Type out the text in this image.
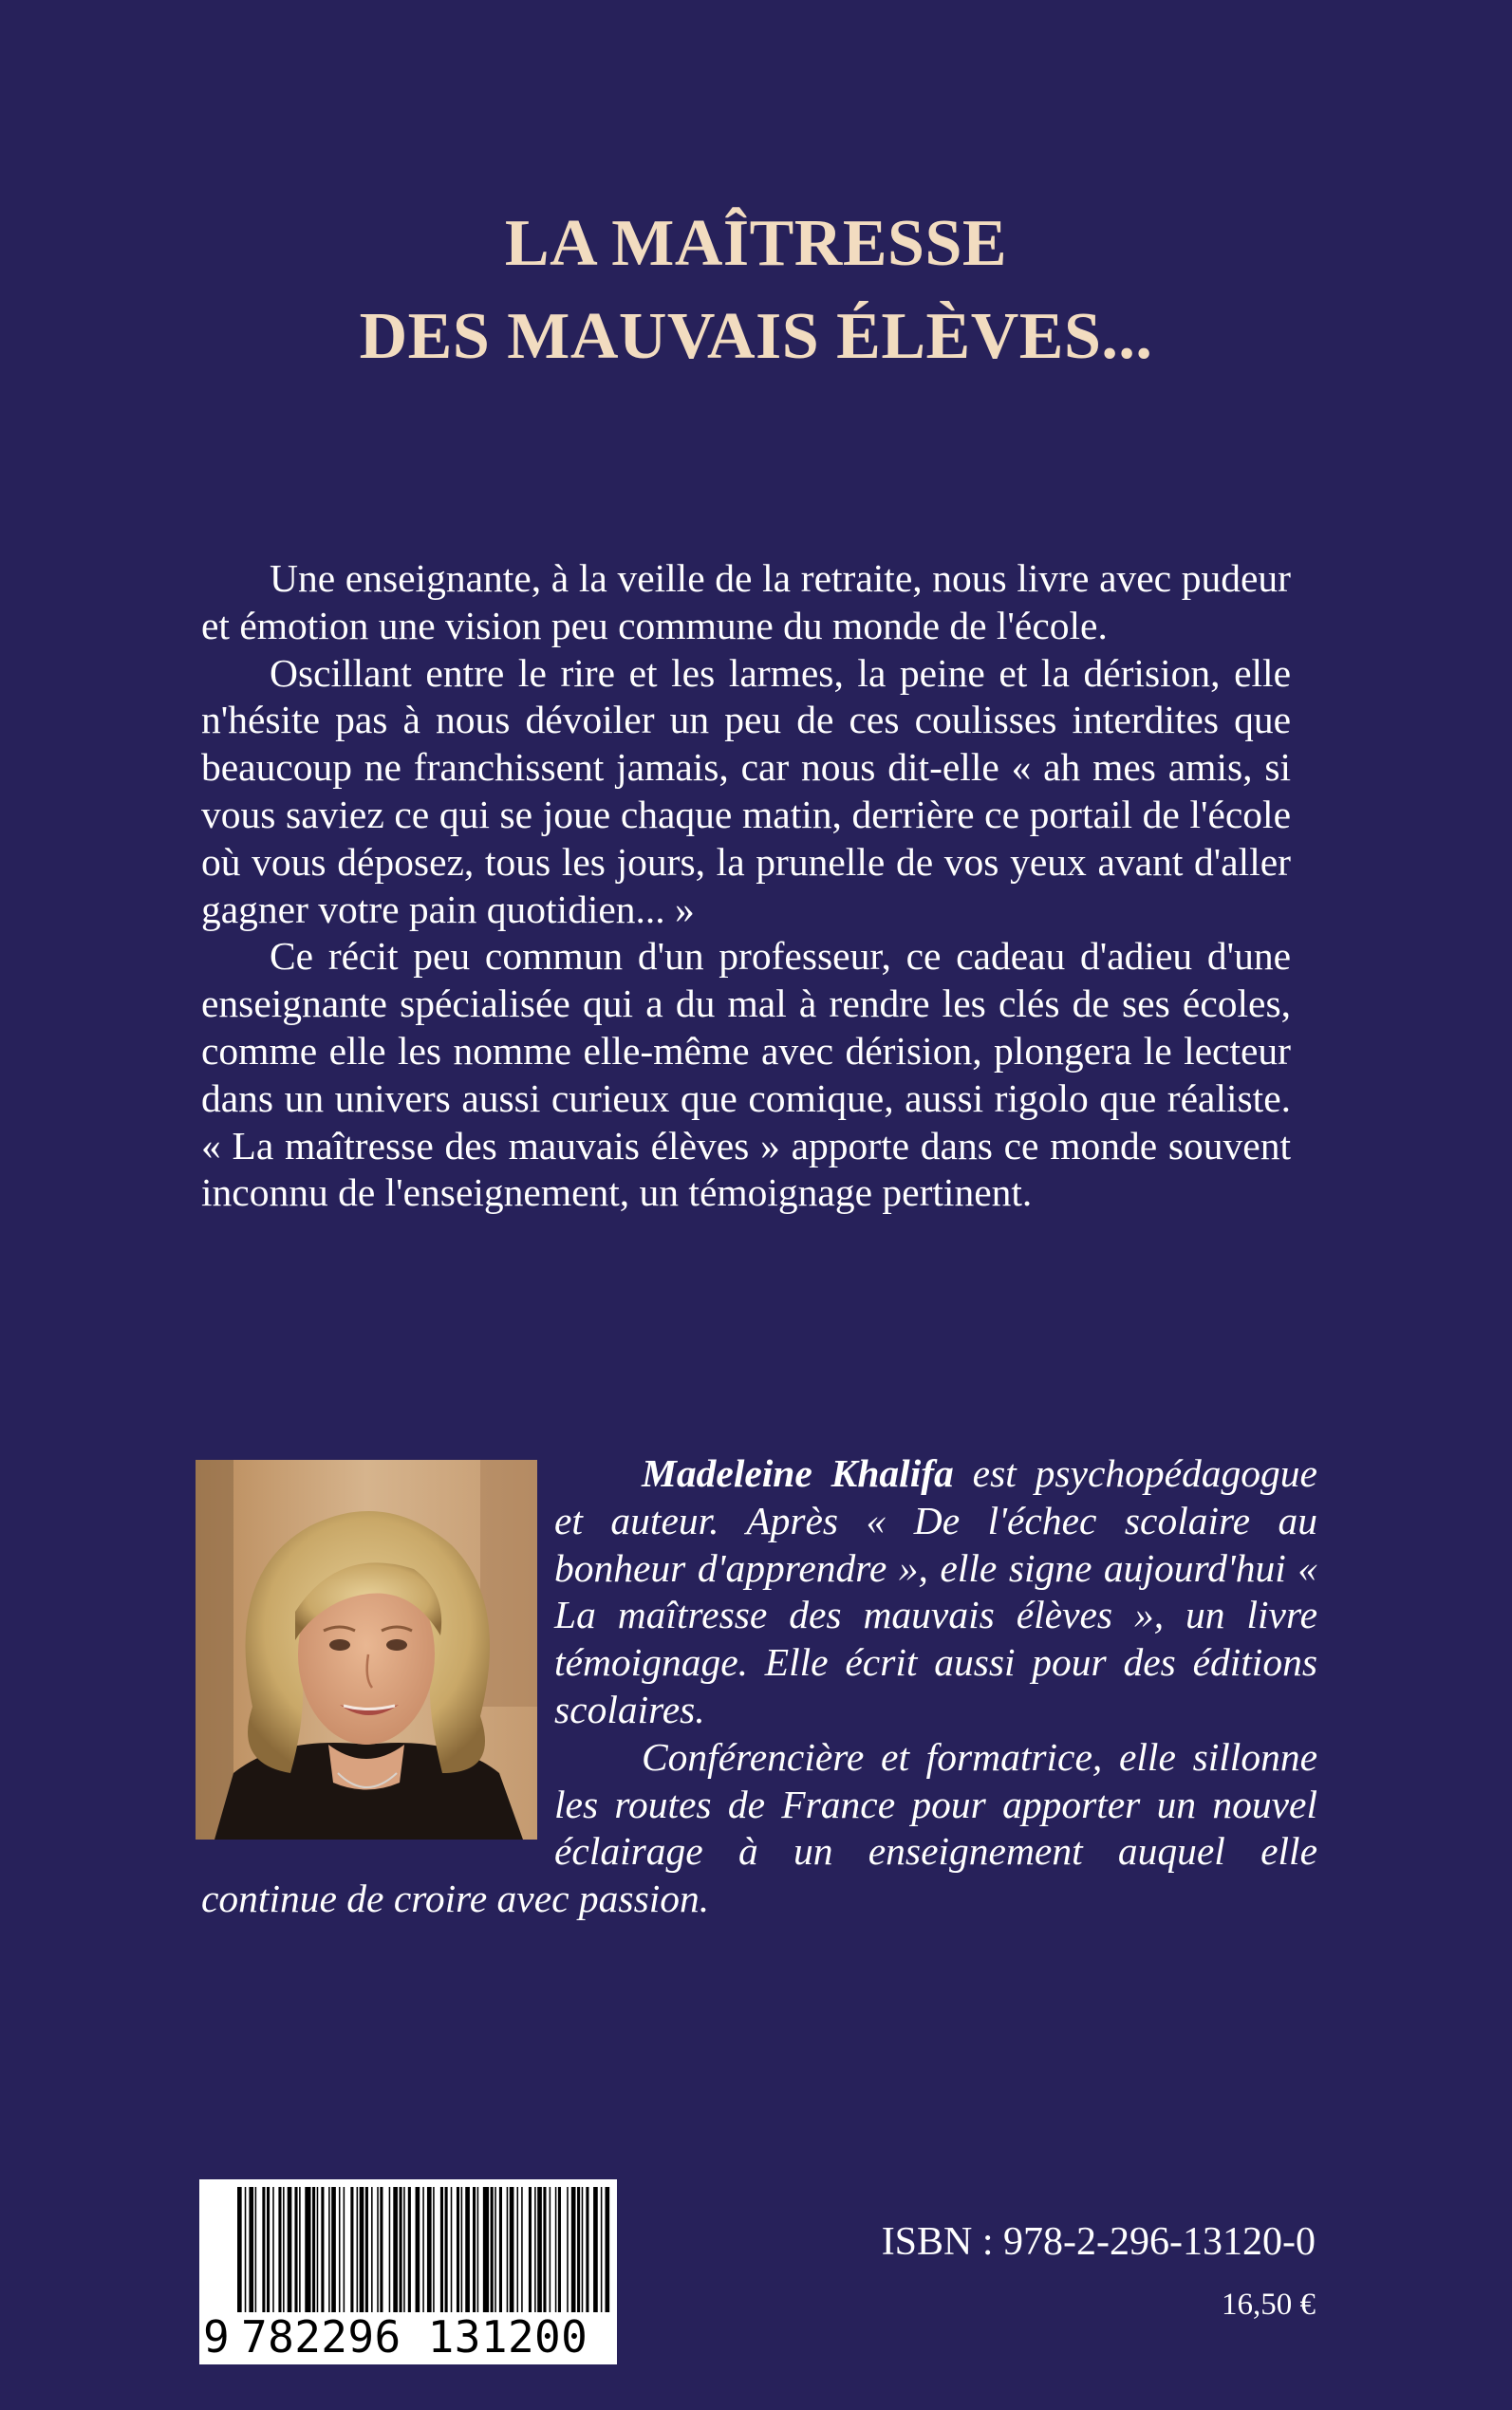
LA MAÎTRESSE
DES MAUVAIS ÉLÈVES...

Une enseignante, à la veille de la retraite, nous livre avec pudeur et émotion une vision peu commune du monde de l'école.

Oscillant entre le rire et les larmes, la peine et la dérision, elle n'hésite pas à nous dévoiler un peu de ces coulisses interdites que beaucoup ne franchissent jamais, car nous dit-elle « ah mes amis, si vous saviez ce qui se joue chaque matin, derrière ce portail de l'école où vous déposez, tous les jours, la prunelle de vos yeux avant d'aller gagner votre pain quotidien... »

Ce récit peu commun d'un professeur, ce cadeau d'adieu d'une enseignante spécialisée qui a du mal à rendre les clés de ses écoles, comme elle les nomme elle-même avec dérision, plongera le lecteur dans un univers aussi curieux que comique, aussi rigolo que réaliste. « La maîtresse des mauvais élèves » apporte dans ce monde souvent inconnu de l'enseignement, un témoignage pertinent.

Madeleine Khalifa est psychopédagogue et auteur. Après « De l'échec scolaire au bonheur d'apprendre », elle signe aujourd'hui « La maîtresse des mauvais élèves », un livre témoignage. Elle écrit aussi pour des éditions scolaires.

Conférencière et formatrice, elle sillonne les routes de France pour apporter un nouvel éclairage à un enseignement auquel elle continue de croire avec passion.

9 782296 131200
ISBN : 978-2-296-13120-0
16,50 €
